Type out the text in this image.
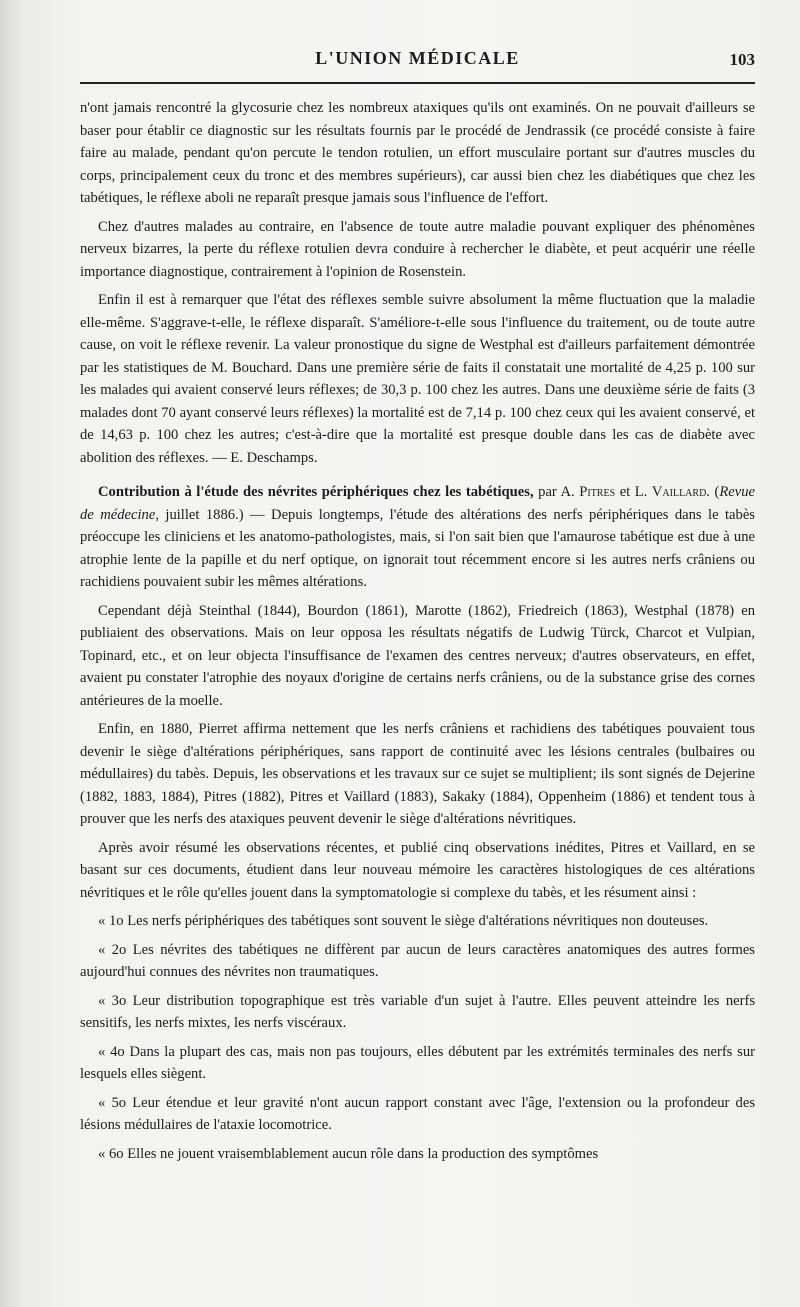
L'UNION MÉDICALE	103

n'ont jamais rencontré la glycosurie chez les nombreux ataxiques qu'ils ont examinés. On ne pouvait d'ailleurs se baser pour établir ce diagnostic sur les résultats fournis par le procédé de Jendrassik (ce procédé consiste à faire faire au malade, pendant qu'on percute le tendon rotulien, un effort musculaire portant sur d'autres muscles du corps, principalement ceux du tronc et des membres supérieurs), car aussi bien chez les diabétiques que chez les tabétiques, le réflexe aboli ne reparaît presque jamais sous l'influence de l'effort.

Chez d'autres malades au contraire, en l'absence de toute autre maladie pouvant expliquer des phénomènes nerveux bizarres, la perte du réflexe rotulien devra conduire à rechercher le diabète, et peut acquérir une réelle importance diagnostique, contrairement à l'opinion de Rosenstein.

Enfin il est à remarquer que l'état des réflexes semble suivre absolument la même fluctuation que la maladie elle-même. S'aggrave-t-elle, le réflexe disparaît. S'améliore-t-elle sous l'influence du traitement, ou de toute autre cause, on voit le réflexe revenir. La valeur pronostique du signe de Westphal est d'ailleurs parfaitement démontrée par les statistiques de M. Bouchard. Dans une première série de faits il constatait une mortalité de 4,25 p. 100 sur les malades qui avaient conservé leurs réflexes; de 30,3 p. 100 chez les autres. Dans une deuxième série de faits (3 malades dont 70 ayant conservé leurs réflexes) la mortalité est de 7,14 p. 100 chez ceux qui les avaient conservé, et de 14,63 p. 100 chez les autres; c'est-à-dire que la mortalité est presque double dans les cas de diabète avec abolition des réflexes. — E. Deschamps.

Contribution à l'étude des névrites périphériques chez les tabétiques, par A. Pitres et L. Vaillard. (Revue de médecine, juillet 1886.) — Depuis longtemps, l'étude des altérations des nerfs périphériques dans le tabès préoccupe les cliniciens et les anatomo-pathologistes, mais, si l'on sait bien que l'amaurose tabétique est due à une atrophie lente de la papille et du nerf optique, on ignorait tout récemment encore si les autres nerfs crâniens ou rachidiens pouvaient subir les mêmes altérations.

Cependant déjà Steinthal (1844), Bourdon (1861), Marotte (1862), Friedreich (1863), Westphal (1878) en publiaient des observations. Mais on leur opposa les résultats négatifs de Ludwig Türck, Charcot et Vulpian, Topinard, etc., et on leur objecta l'insuffisance de l'examen des centres nerveux; d'autres observateurs, en effet, avaient pu constater l'atrophie des noyaux d'origine de certains nerfs crâniens, ou de la substance grise des cornes antérieures de la moelle.

Enfin, en 1880, Pierret affirma nettement que les nerfs crâniens et rachidiens des tabétiques pouvaient tous devenir le siège d'altérations périphériques, sans rapport de continuité avec les lésions centrales (bulbaires ou médullaires) du tabès. Depuis, les observations et les travaux sur ce sujet se multiplient; ils sont signés de Dejerine (1882, 1883, 1884), Pitres (1882), Pitres et Vaillard (1883), Sakaky (1884), Oppenheim (1886) et tendent tous à prouver que les nerfs des ataxiques peuvent devenir le siège d'altérations névritiques.

Après avoir résumé les observations récentes, et publié cinq observations inédites, Pitres et Vaillard, en se basant sur ces documents, étudient dans leur nouveau mémoire les caractères histologiques de ces altérations névritiques et le rôle qu'elles jouent dans la symptomatologie si complexe du tabès, et les résument ainsi :

« 1o Les nerfs périphériques des tabétiques sont souvent le siège d'altérations névritiques non douteuses.

« 2o Les névrites des tabétiques ne diffèrent par aucun de leurs caractères anatomiques des autres formes aujourd'hui connues des névrites non traumatiques.

« 3o Leur distribution topographique est très variable d'un sujet à l'autre. Elles peuvent atteindre les nerfs sensitifs, les nerfs mixtes, les nerfs viscéraux.

« 4o Dans la plupart des cas, mais non pas toujours, elles débutent par les extrémités terminales des nerfs sur lesquels elles siègent.

« 5o Leur étendue et leur gravité n'ont aucun rapport constant avec l'âge, l'extension ou la profondeur des lésions médullaires de l'ataxie locomotrice.

« 6o Elles ne jouent vraisemblablement aucun rôle dans la production des symptômes
